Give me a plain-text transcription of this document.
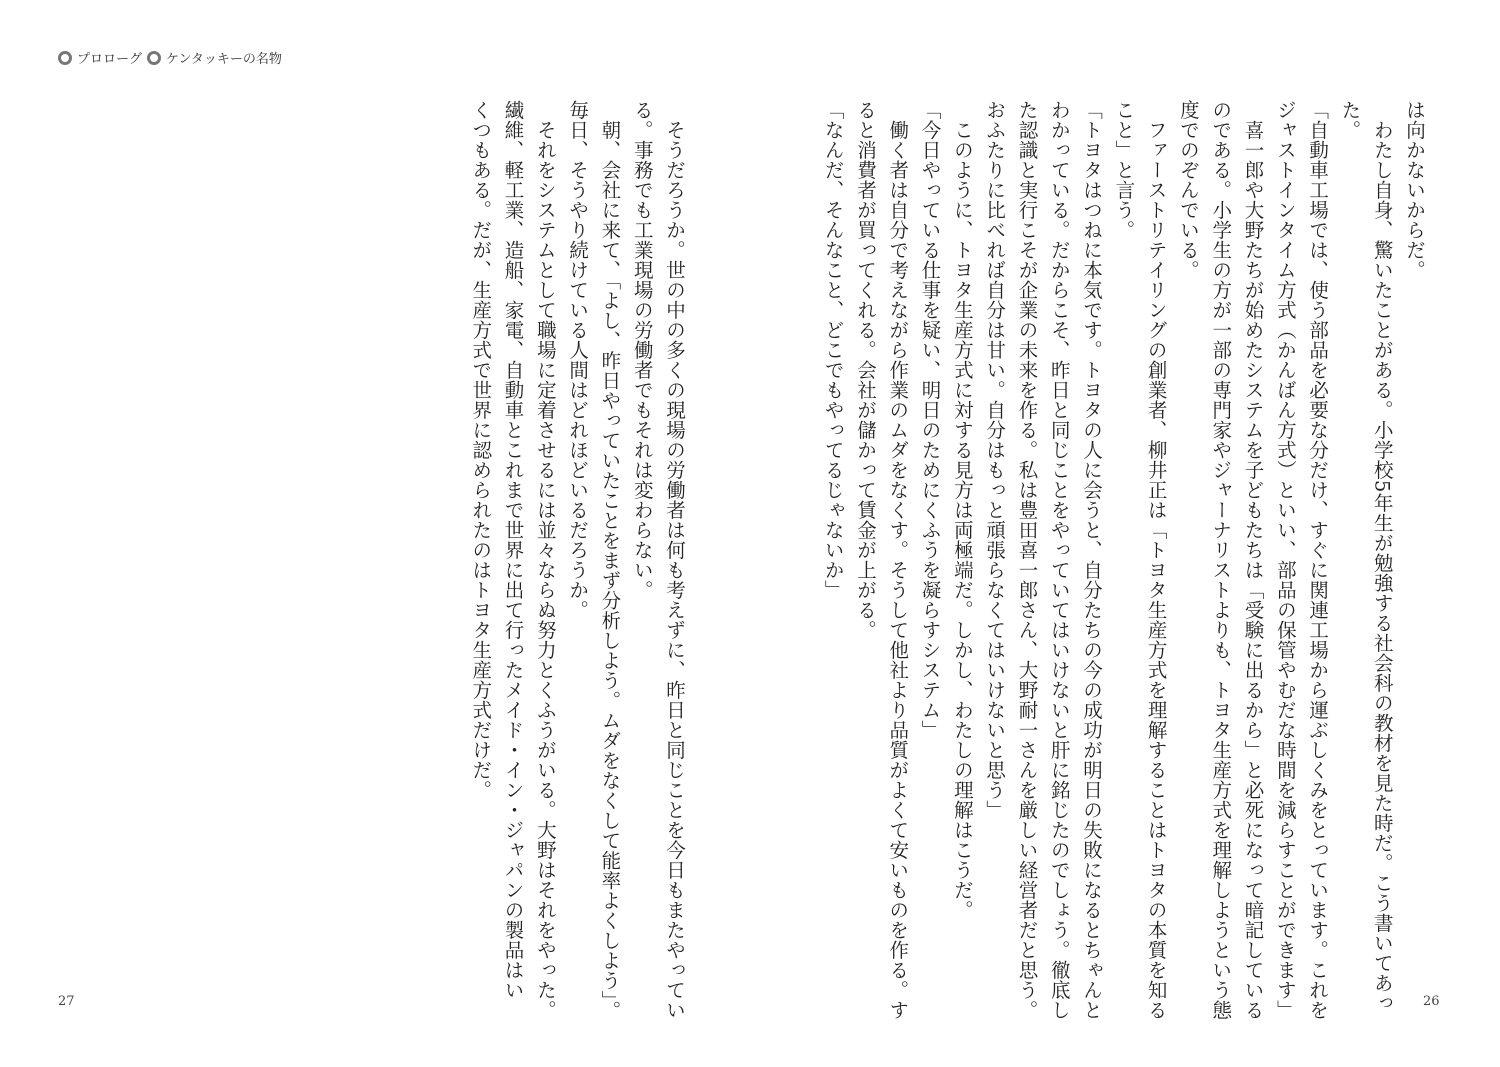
プロローグ ケンタッキーの名物

は向かないからだ。

　わたし自身、驚いたことがある。小学校5年生が勉強する社会科の教材を見た時だ。こう書いてあっ

た。

「自動車工場では、使う部品を必要な分だけ、すぐに関連工場から運ぶしくみをとっています。これを

ジャストインタイム方式（かんばん方式）といい、部品の保管やむだな時間を減らすことができます」

　喜一郎や大野たちが始めたシステムを子どもたちは「受験に出るから」と必死になって暗記している

のである。小学生の方が一部の専門家やジャーナリストよりも、トヨタ生産方式を理解しようという態

度でのぞんでいる。

　ファーストリテイリングの創業者、柳井正は「トヨタ生産方式を理解することはトヨタの本質を知る

こと」と言う。

「トヨタはつねに本気です。トヨタの人に会うと、自分たちの今の成功が明日の失敗になるとちゃんと

わかっている。だからこそ、昨日と同じことをやっていてはいけないと肝に銘じたのでしょう。徹底し

た認識と実行こそが企業の未来を作る。私は豊田喜一郎さん、大野耐一さんを厳しい経営者だと思う。

おふたりに比べれば自分は甘い。自分はもっと頑張らなくてはいけないと思う」

　このように、トヨタ生産方式に対する見方は両極端だ。しかし、わたしの理解はこうだ。

「今日やっている仕事を疑い、明日のためにくふうを凝らすシステム」

　働く者は自分で考えながら作業のムダをなくす。そうして他社より品質がよくて安いものを作る。す

ると消費者が買ってくれる。会社が儲かって賃金が上がる。

「なんだ、そんなこと、どこでもやってるじゃないか」

　そうだろうか。世の中の多くの現場の労働者は何も考えずに、昨日と同じことを今日もまたやってい

る。事務でも工業現場の労働者でもそれは変わらない。

　朝、会社に来て、「よし、昨日やっていたことをまず分析しよう。ムダをなくして能率よくしよう」。

毎日、そうやり続けている人間はどれほどいるだろうか。

　それをシステムとして職場に定着させるには並々ならぬ努力とくふうがいる。大野はそれをやった。

繊維、軽工業、造船、家電、自動車とこれまで世界に出て行ったメイド・イン・ジャパンの製品はい

くつもある。だが、生産方式で世界に認められたのはトヨタ生産方式だけだ。

27	26
